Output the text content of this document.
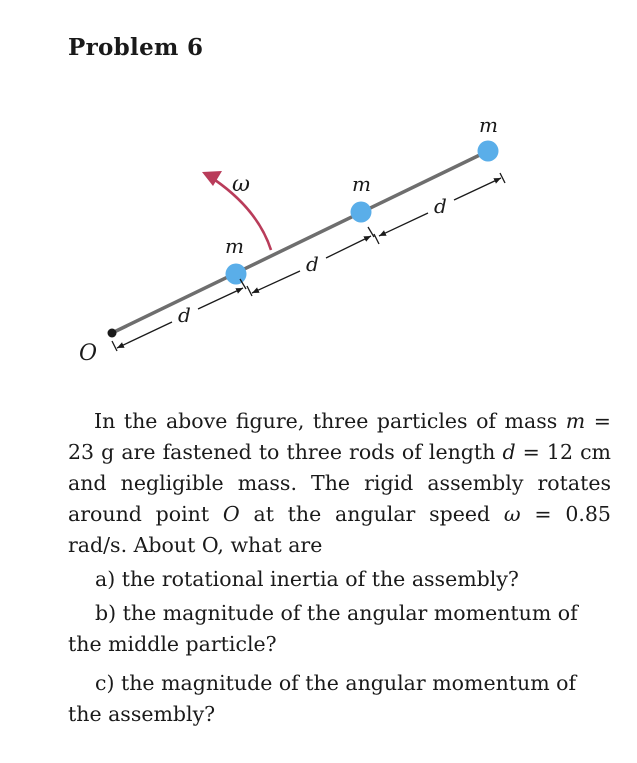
Problem 6
O
ω
m
m
m
d
d
d

In the above figure, three particles of mass m = 23 g are fastened to three rods of length d = 12 cm and negligible mass. The rigid assembly rotates around point O at the angular speed ω = 0.85 rad/s. About O, what are

a) the rotational inertia of the assembly?

b) the magnitude of the angular momentum of the middle particle?

c) the magnitude of the angular momentum of the assembly?
